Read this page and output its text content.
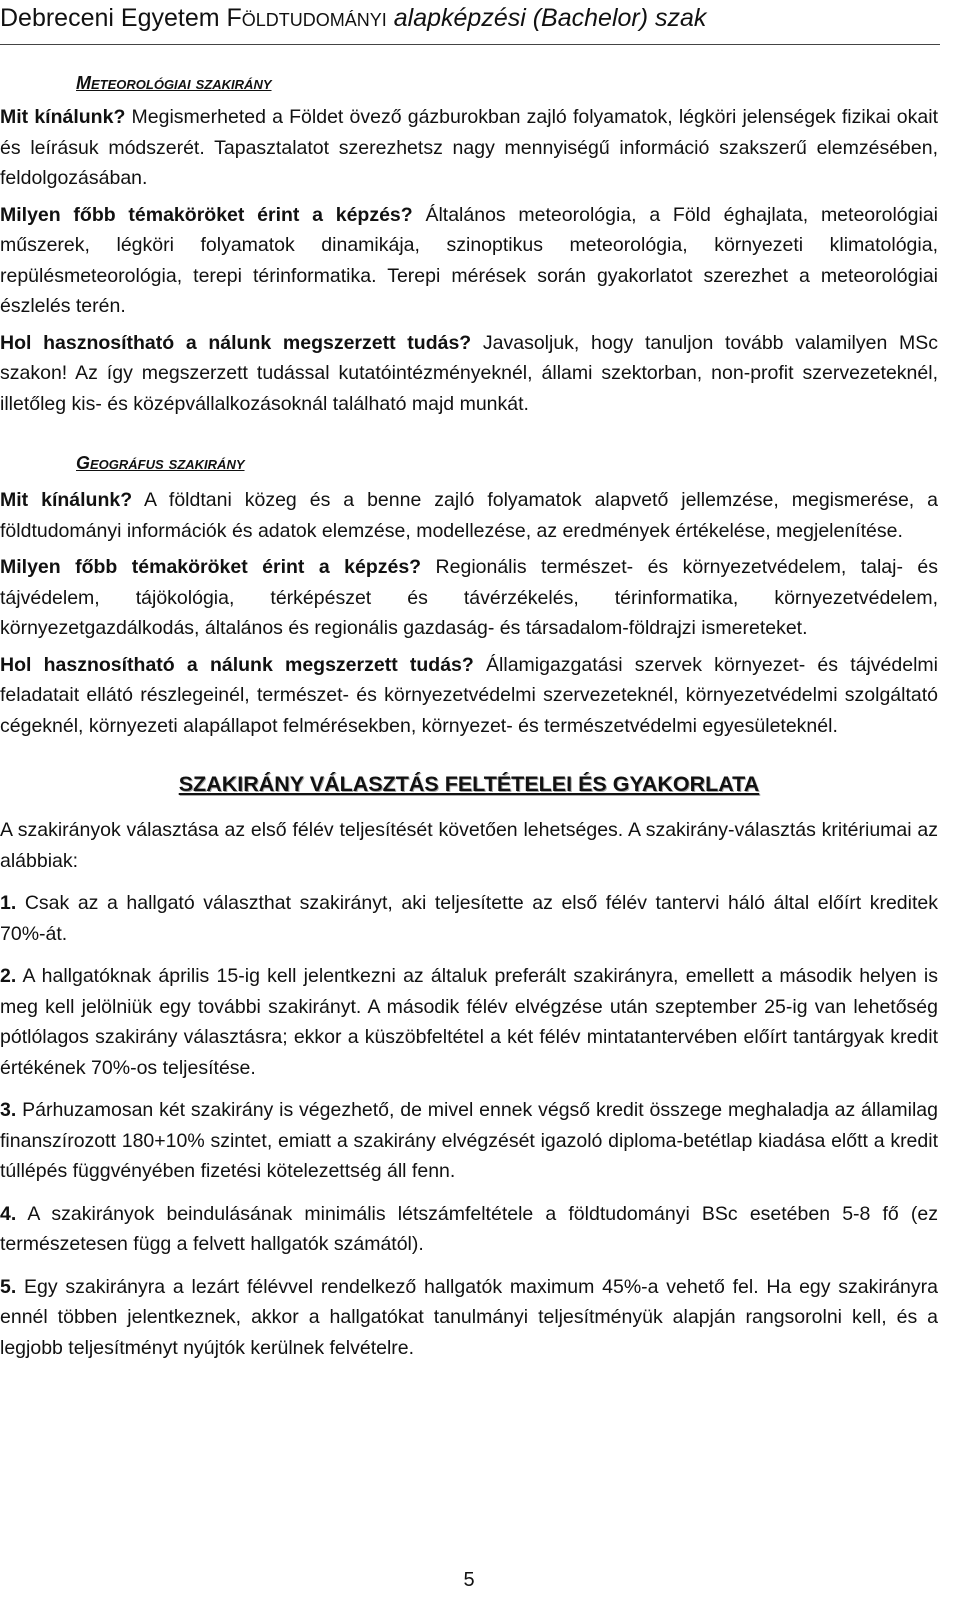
Debreceni Egyetem Földtudományi alapképzési (Bachelor) szak
Meteorológiai szakirány

Mit kínálunk? Megismerheted a Földet övező gázburokban zajló folyamatok, légköri jelenségek fizikai okait és leírásuk módszerét. Tapasztalatot szerezhetsz nagy mennyiségű információ szakszerű elemzésében, feldolgozásában.

Milyen főbb témaköröket érint a képzés? Általános meteorológia, a Föld éghajlata, meteorológiai műszerek, légköri folyamatok dinamikája, szinoptikus meteorológia, környezeti klimatológia, repülésmeteorológia, terepi térinformatika. Terepi mérések során gyakorlatot szerezhet a meteorológiai észlelés terén.

Hol hasznosítható a nálunk megszerzett tudás? Javasoljuk, hogy tanuljon tovább valamilyen MSc szakon! Az így megszerzett tudással kutatóintézményeknél, állami szektorban, non-profit szervezeteknél, illetőleg kis- és középvállalkozásoknál található majd munkát.

Geográfus szakirány

Mit kínálunk? A földtani közeg és a benne zajló folyamatok alapvető jellemzése, megismerése, a földtudományi információk és adatok elemzése, modellezése, az eredmények értékelése, megjelenítése.

Milyen főbb témaköröket érint a képzés? Regionális természet- és környezetvédelem, talaj- és tájvédelem, tájökológia, térképészet és távérzékelés, térinformatika, környezetvédelem, környezetgazdálkodás, általános és regionális gazdaság- és társadalom-földrajzi ismereteket.

Hol hasznosítható a nálunk megszerzett tudás? Államigazgatási szervek környezet- és tájvédelmi feladatait ellátó részlegeinél, természet- és környezetvédelmi szervezeteknél, környezetvédelmi szolgáltató cégeknél, környezeti alapállapot felmérésekben, környezet- és természetvédelmi egyesületeknél.

SZAKIRÁNY VÁLASZTÁS FELTÉTELEI ÉS GYAKORLATA

A szakirányok választása az első félév teljesítését követően lehetséges. A szakirány-választás kritériumai az alábbiak:

1. Csak az a hallgató választhat szakirányt, aki teljesítette az első félév tantervi háló által előírt kreditek 70%-át.

2. A hallgatóknak április 15-ig kell jelentkezni az általuk preferált szakirányra, emellett a második helyen is meg kell jelölniük egy további szakirányt. A második félév elvégzése után szeptember 25-ig van lehetőség pótlólagos szakirány választásra; ekkor a küszöbfeltétel a két félév mintatantervében előírt tantárgyak kredit értékének 70%-os teljesítése.

3. Párhuzamosan két szakirány is végezhető, de mivel ennek végső kredit összege meghaladja az államilag finanszírozott 180+10% szintet, emiatt a szakirány elvégzését igazoló diploma-betétlap kiadása előtt a kredit túllépés függvényében fizetési kötelezettség áll fenn.

4. A szakirányok beindulásának minimális létszámfeltétele a földtudományi BSc esetében 5-8 fő (ez természetesen függ a felvett hallgatók számától).

5. Egy szakirányra a lezárt félévvel rendelkező hallgatók maximum 45%-a vehető fel. Ha egy szakirányra ennél többen jelentkeznek, akkor a hallgatókat tanulmányi teljesítményük alapján rangsorolni kell, és a legjobb teljesítményt nyújtók kerülnek felvételre.

5
